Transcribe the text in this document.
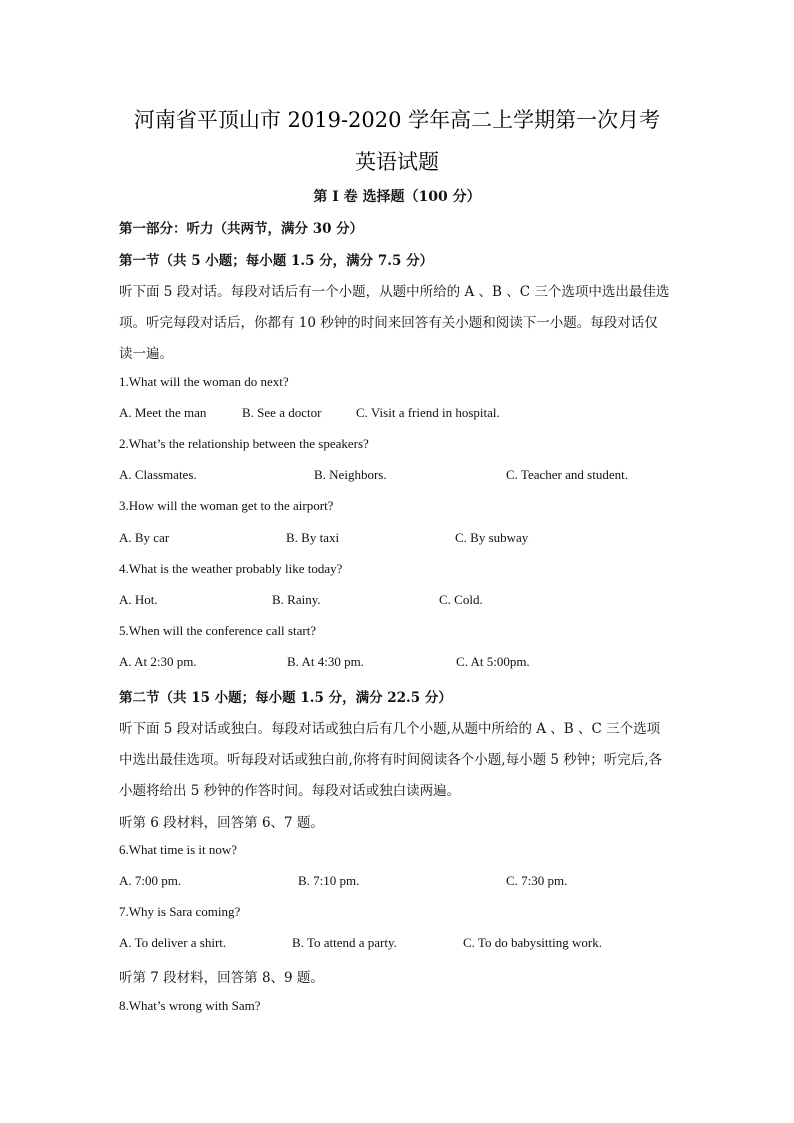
河南省平顶山市 2019-2020 学年高二上学期第一次月考
英语试题
第 I 卷 选择题（100 分）
第一部分：听力（共两节，满分 30 分）
第一节（共 5 小题；每小题 1.5 分，满分 7.5 分）
听下面 5 段对话。每段对话后有一个小题，从题中所给的 A 、B 、C 三个选项中选出最佳选
项。听完每段对话后，你都有 10 秒钟的时间来回答有关小题和阅读下一小题。每段对话仅
读一遍。
1.What will the woman do next?
A. Meet the man	B. See a doctor	C. Visit a friend in hospital.
2.What’s the relationship between the speakers?
A. Classmates.	B. Neighbors.	C. Teacher and student.
3.How will the woman get to the airport?
A. By car	B. By taxi	C. By subway
4.What is the weather probably like today?
A. Hot.	B. Rainy.	C. Cold.
5.When will the conference call start?
A. At 2:30 pm.	B. At 4:30 pm.	C. At 5:00pm.
第二节（共 15 小题；每小题 1.5 分，满分 22.5 分）
听下面 5 段对话或独白。每段对话或独白后有几个小题,从题中所给的 A 、B 、C 三个选项
中选出最佳选项。听每段对话或独白前,你将有时间阅读各个小题,每小题 5 秒钟；听完后,各
小题将给出 5 秒钟的作答时间。每段对话或独白读两遍。
听第 6 段材料，回答第 6、7 题。
6.What time is it now?
A. 7:00 pm.	B. 7:10 pm.	C. 7:30 pm.
7.Why is Sara coming?
A. To deliver a shirt.	B. To attend a party.	C. To do babysitting work.
听第 7 段材料，回答第 8、9 题。
8.What’s wrong with Sam?
